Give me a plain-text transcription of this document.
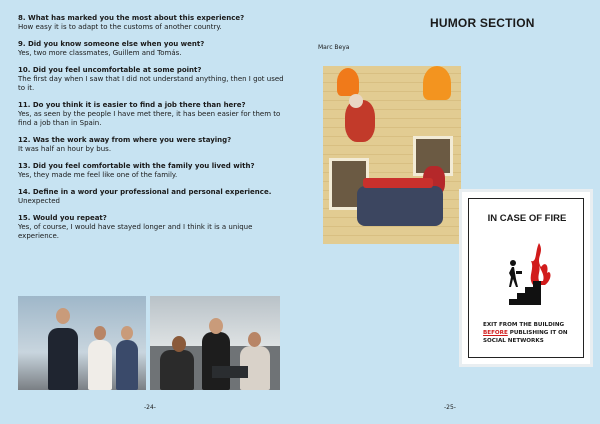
8. What has marked you the most about this experience?
How easy it is to adapt to the customs of another country.
9. Did you know someone else when you went?
Yes, two more classmates, Guillem and Tomás.
10. Did you feel uncomfortable at some point?
The first day when I saw that I did not understand anything, then I got used to it.
11. Do you think it is easier to find a job there than here?
Yes, as seen by the people I have met there, it has been easier for them to find a job than in Spain.
12. Was the work away from where you were staying?
It was half an hour by bus.
13. Did you feel comfortable with the family you lived with?
Yes, they made me feel like one of the family.
14. Define in a word your professional and personal experience.
Unexpected
15. Would you repeat?
Yes, of course, I would have stayed longer and I think it is a unique experience.
-24-
HUMOR SECTION
Marc Beya
IN CASE OF FIRE
EXIT FROM THE BUILDING
BEFORE PUBLISHING IT ON
SOCIAL NETWORKS
-25-
